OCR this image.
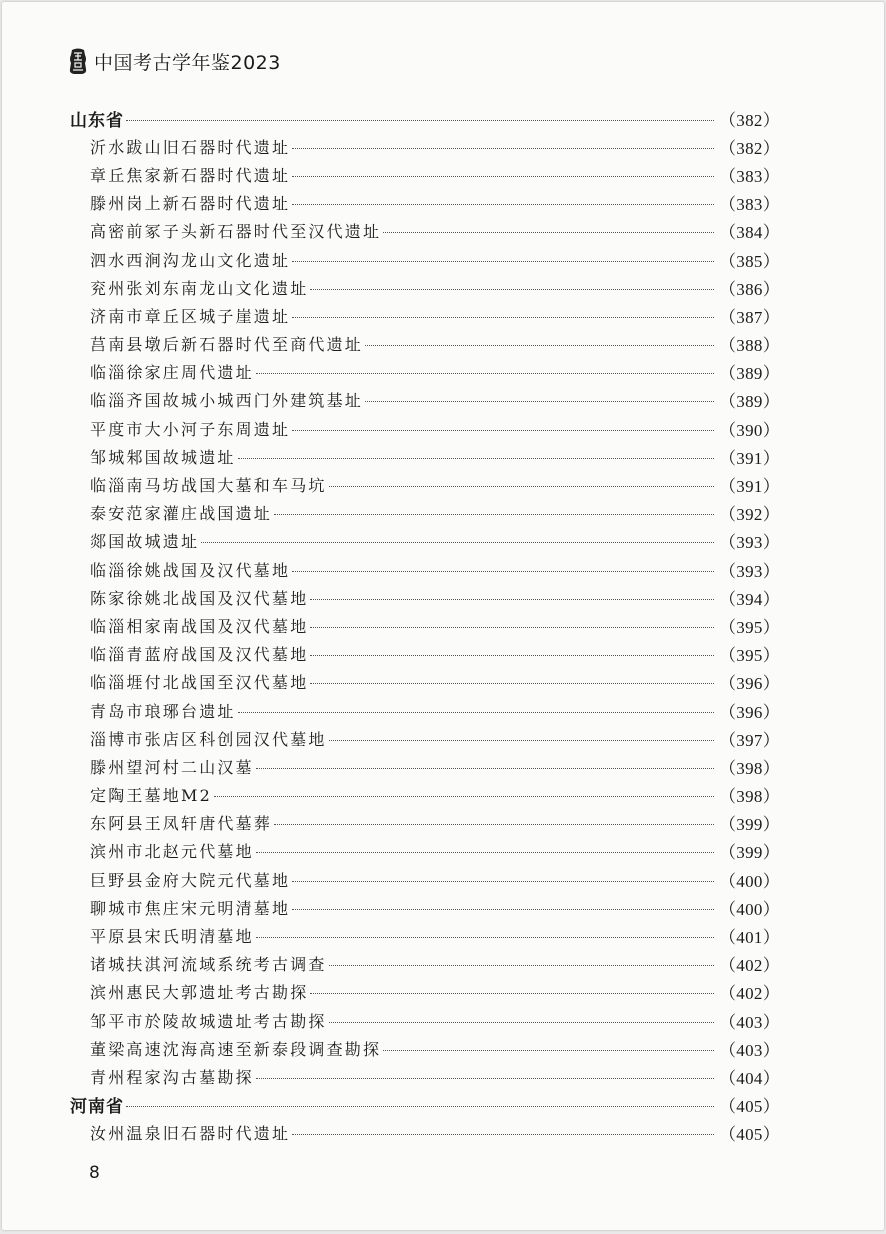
中国考古学年鉴2023
山东省	（382）
沂水跋山旧石器时代遗址	（382）
章丘焦家新石器时代遗址	（383）
滕州岗上新石器时代遗址	（383）
高密前冢子头新石器时代至汉代遗址	（384）
泗水西涧沟龙山文化遗址	（385）
兖州张刘东南龙山文化遗址	（386）
济南市章丘区城子崖遗址	（387）
莒南县墩后新石器时代至商代遗址	（388）
临淄徐家庄周代遗址	（389）
临淄齐国故城小城西门外建筑基址	（389）
平度市大小河子东周遗址	（390）
邹城邾国故城遗址	（391）
临淄南马坊战国大墓和车马坑	（391）
泰安范家灌庄战国遗址	（392）
郯国故城遗址	（393）
临淄徐姚战国及汉代墓地	（393）
陈家徐姚北战国及汉代墓地	（394）
临淄相家南战国及汉代墓地	（395）
临淄青蓝府战国及汉代墓地	（395）
临淄堐付北战国至汉代墓地	（396）
青岛市琅琊台遗址	（396）
淄博市张店区科创园汉代墓地	（397）
滕州望河村二山汉墓	（398）
定陶王墓地M2	（398）
东阿县王凤轩唐代墓葬	（399）
滨州市北赵元代墓地	（399）
巨野县金府大院元代墓地	（400）
聊城市焦庄宋元明清墓地	（400）
平原县宋氏明清墓地	（401）
诸城扶淇河流域系统考古调查	（402）
滨州惠民大郭遗址考古勘探	（402）
邹平市於陵故城遗址考古勘探	（403）
董梁高速沈海高速至新泰段调查勘探	（403）
青州程家沟古墓勘探	（404）
河南省	（405）
汝州温泉旧石器时代遗址	（405）
8
